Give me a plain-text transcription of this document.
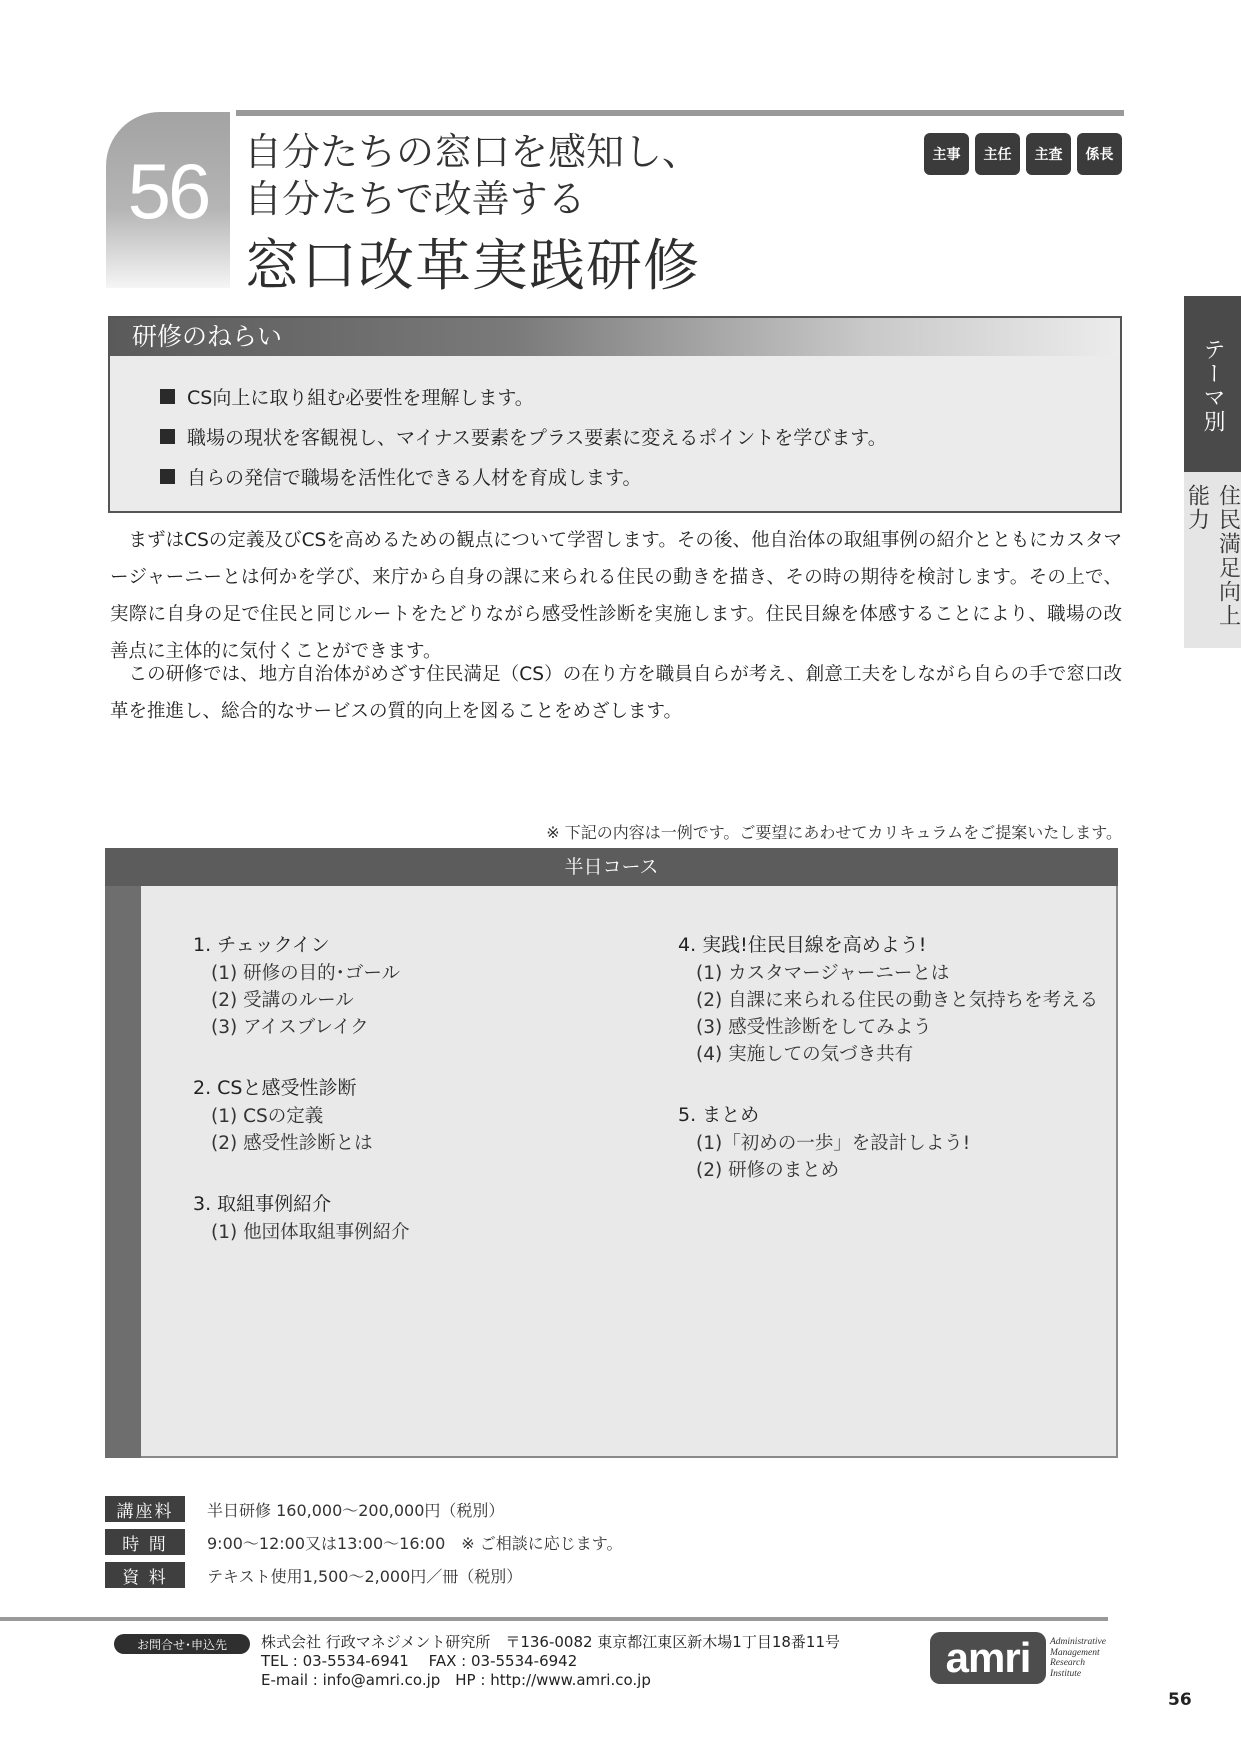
56 自分たちの窓口を感知し、
自分たちで改善する
窓口改革実践研修
主事	主任	主査	係長
テーマ別
住民満足向上能力
研修のねらい
CS向上に取り組む必要性を理解します。
職場の現状を客観視し、マイナス要素をプラス要素に変えるポイントを学びます。
自らの発信で職場を活性化できる人材を育成します。

まずはCSの定義及びCSを高めるための観点について学習します。その後、他自治体の取組事例の紹介とともにカスタマージャーニーとは何かを学び、来庁から自身の課に来られる住民の動きを描き、その時の期待を検討します。その上で、実際に自身の足で住民と同じルートをたどりながら感受性診断を実施します。住民目線を体感することにより、職場の改善点に主体的に気付くことができます。

この研修では、地方自治体がめざす住民満足（CS）の在り方を職員自らが考え、創意工夫をしながら自らの手で窓口改革を推進し、総合的なサービスの質的向上を図ることをめざします。

※ 下記の内容は一例です。ご要望にあわせてカリキュラムをご提案いたします。
半日コース
1. チェックイン
(1) 研修の目的･ゴール
(2) 受講のルール
(3) アイスブレイク
2. CSと感受性診断
(1) CSの定義
(2) 感受性診断とは
3. 取組事例紹介
(1) 他団体取組事例紹介
4. 実践!住民目線を高めよう!
(1) カスタマージャーニーとは
(2) 自課に来られる住民の動きと気持ちを考える
(3) 感受性診断をしてみよう
(4) 実施しての気づき共有
5. まとめ
(1)「初めの一歩」を設計しよう!
(2) 研修のまとめ
講座料	半日研修 160,000〜200,000円（税別）
時 間	9:00〜12:00又は13:00〜16:00　※ ご相談に応じます。
資 料	テキスト使用1,500〜2,000円／冊（税別）
お問合せ･申込先	株式会社 行政マネジメント研究所　〒136-0082 東京都江東区新木場1丁目18番11号
TEL : 03-5534-6941　 FAX : 03-5534-6942
E-mail : info@amri.co.jp　HP : http://www.amri.co.jp	amri	Administrative
Management
Research
Institute
56
